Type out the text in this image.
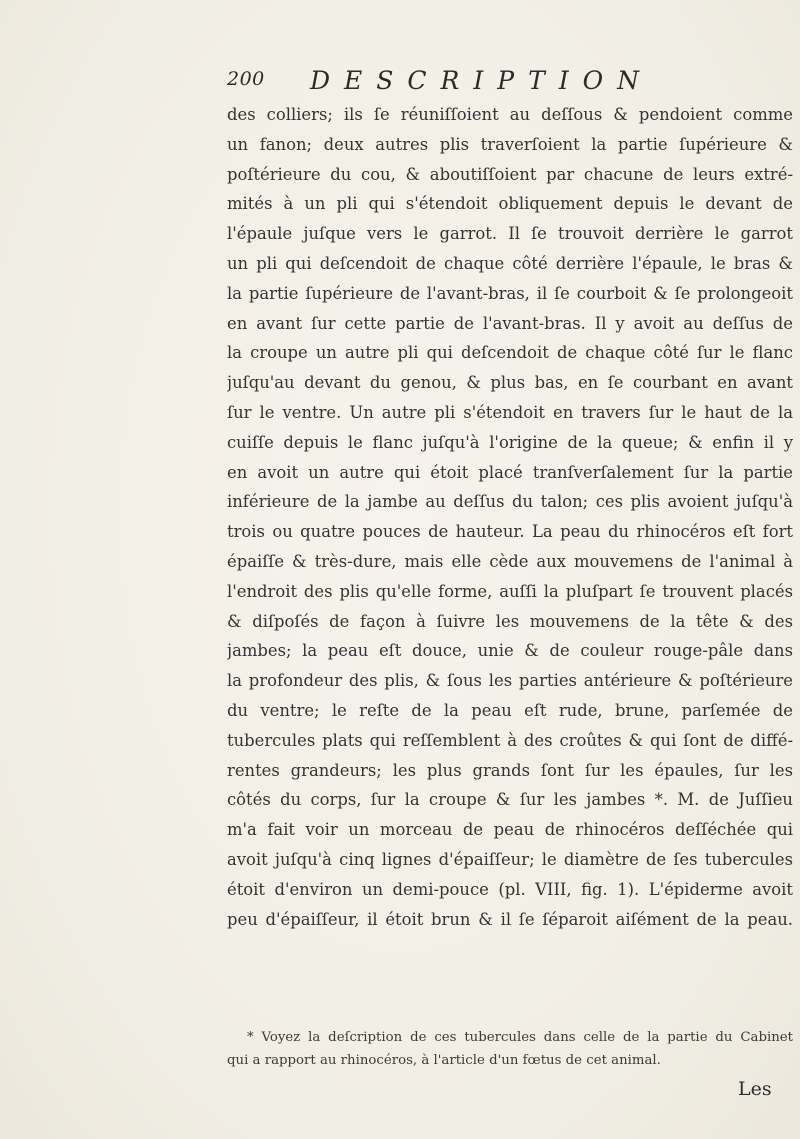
200 DESCRIPTION
des colliers; ils ſe réuniſſoient au deſſous & pendoient comme
un fanon; deux autres plis traverſoient la partie ſupérieure &
poſtérieure du cou, & aboutiſſoient par chacune de leurs extré-
mités à un pli qui s'étendoit obliquement depuis le devant de
l'épaule juſque vers le garrot. Il ſe trouvoit derrière le garrot
un pli qui deſcendoit de chaque côté derrière l'épaule, le bras &
la partie ſupérieure de l'avant-bras, il ſe courboit & ſe prolongeoit
en avant ſur cette partie de l'avant-bras. Il y avoit au deſſus de
la croupe un autre pli qui deſcendoit de chaque côté ſur le flanc
juſqu'au devant du genou, & plus bas, en ſe courbant en avant
ſur le ventre. Un autre pli s'étendoit en travers ſur le haut de la
cuiſſe depuis le flanc juſqu'à l'origine de la queue; & enfin il y
en avoit un autre qui étoit placé tranſverſalement ſur la partie
inférieure de la jambe au deſſus du talon; ces plis avoient juſqu'à
trois ou quatre pouces de hauteur. La peau du rhinocéros eſt fort
épaiſſe & très-dure, mais elle cède aux mouvemens de l'animal à
l'endroit des plis qu'elle forme, auſſi la pluſpart ſe trouvent placés
& diſpoſés de façon à ſuivre les mouvemens de la tête & des
jambes; la peau eſt douce, unie & de couleur rouge-pâle dans
la profondeur des plis, & ſous les parties antérieure & poſtérieure
du ventre; le reſte de la peau eſt rude, brune, parſemée de
tubercules plats qui reſſemblent à des croûtes & qui ſont de diffé-
rentes grandeurs; les plus grands ſont ſur les épaules, ſur les
côtés du corps, ſur la croupe & ſur les jambes *. M. de Juſſieu
m'a fait voir un morceau de peau de rhinocéros deſſéchée qui
avoit juſqu'à cinq lignes d'épaiſſeur; le diamètre de ſes tubercules
étoit d'environ un demi-pouce (pl. VIII, fig. 1). L'épiderme avoit
peu d'épaiſſeur, il étoit brun & il ſe ſéparoit aiſément de la peau.
* Voyez la deſcription de ces tubercules dans celle de la partie du Cabinet
qui a rapport au rhinocéros, à l'article d'un fœtus de cet animal.
Les
